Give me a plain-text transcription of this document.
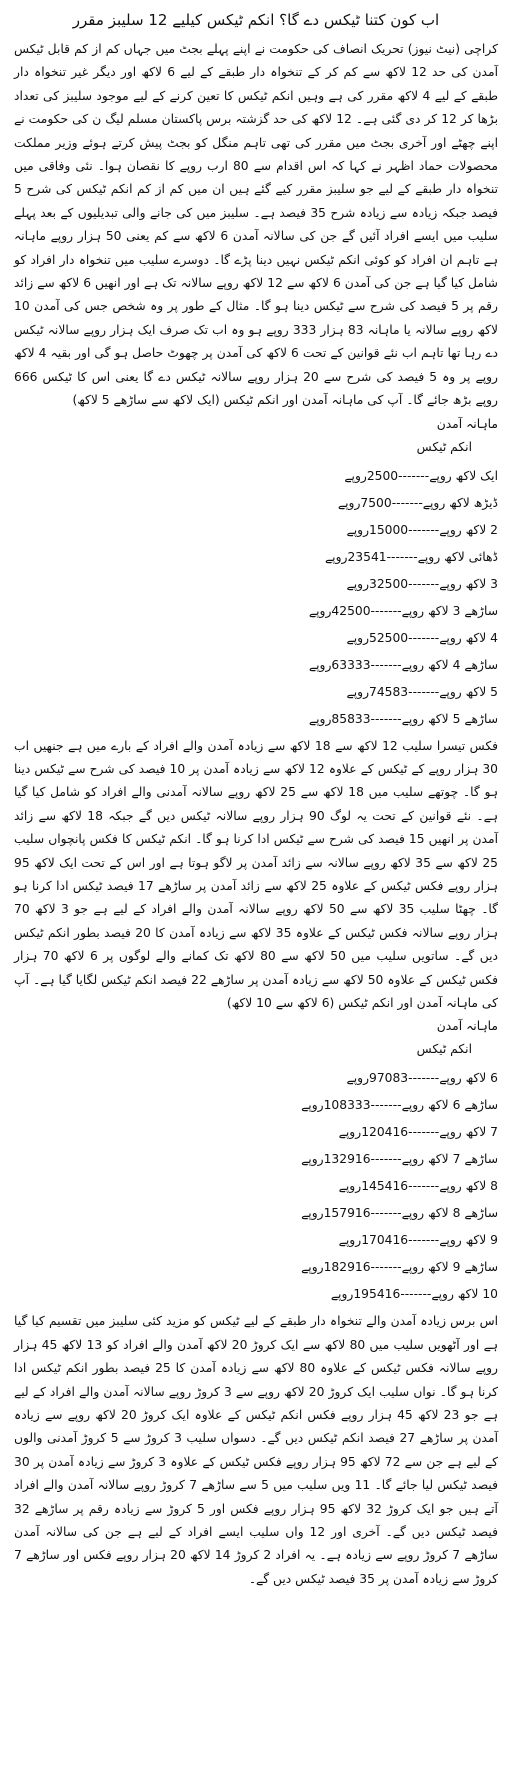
اب کون کتنا ٹیکس دے گا؟ انکم ٹیکس کیلیے 12 سلیبز مقرر

کراچی (نیٹ نیوز) تحریک انصاف کی حکومت نے اپنے پہلے بجٹ میں جہاں کم از کم قابل ٹیکس آمدن کی حد 12 لاکھ سے کم کر کے تنخواہ دار طبقے کے لیے 6 لاکھ اور دیگر غیر تنخواہ دار طبقے کے لیے 4 لاکھ مقرر کی ہے وہیں انکم ٹیکس کا تعین کرنے کے لیے موجود سلیبز کی تعداد بڑھا کر 12 کر دی گئی ہے۔ 12 لاکھ کی حد گزشتہ برس پاکستان مسلم لیگ ن کی حکومت نے اپنے چھٹے اور آخری بجٹ میں مقرر کی تھی تاہم منگل کو بجٹ پیش کرتے ہوئے وزیر مملکت محصولات حماد اظہر نے کہا کہ اس اقدام سے 80 ارب روپے کا نقصان ہوا۔ نئی وفاقی میں تنخواہ دار طبقے کے لیے جو سلیبز مقرر کیے گئے ہیں ان میں کم از کم انکم ٹیکس کی شرح 5 فیصد جبکہ زیادہ سے زیادہ شرح 35 فیصد ہے۔ سلیبز میں کی جانے والی تبدیلیوں کے بعد پہلے سلیب میں ایسے افراد آئیں گے جن کی سالانہ آمدن 6 لاکھ سے کم یعنی 50 ہزار روپے ماہانہ ہے تاہم ان افراد کو کوئی انکم ٹیکس نہیں دینا پڑے گا۔ دوسرے سلیب میں تنخواہ دار افراد کو شامل کیا گیا ہے جن کی آمدن 6 لاکھ سے 12 لاکھ روپے سالانہ تک ہے اور انھیں 6 لاکھ سے زائد رقم پر 5 فیصد کی شرح سے ٹیکس دینا ہو گا۔ مثال کے طور پر وہ شخص جس کی آمدن 10 لاکھ روپے سالانہ یا ماہانہ 83 ہزار 333 روپے ہو وہ اب تک صرف ایک ہزار روپے سالانہ ٹیکس دے رہا تھا تاہم اب نئے قوانین کے تحت 6 لاکھ کی آمدن پر چھوٹ حاصل ہو گی اور بقیہ 4 لاکھ روپے پر وہ 5 فیصد کی شرح سے 20 ہزار روپے سالانہ ٹیکس دے گا یعنی اس کا ٹیکس 666 روپے بڑھ جائے گا۔ آپ کی ماہانہ آمدن اور انکم ٹیکس (ایک لاکھ سے ساڑھے 5 لاکھ)

ماہانہ آمدن
انکم ٹیکس
ایک لاکھ روپے-------2500روپے
ڈیڑھ لاکھ روپے-------7500روپے
2 لاکھ روپے-------15000روپے
ڈھائی لاکھ روپے-------23541روپے
3 لاکھ روپے-------32500روپے
ساڑھے 3 لاکھ روپے-------42500روپے
4 لاکھ روپے-------52500روپے
ساڑھے 4 لاکھ روپے-------63333روپے
5 لاکھ روپے-------74583روپے
ساڑھے 5 لاکھ روپے-------85833روپے

فکس تیسرا سلیب 12 لاکھ سے 18 لاکھ سے زیادہ آمدن والے افراد کے بارے میں ہے جنھیں اب 30 ہزار روپے کے ٹیکس کے علاوہ 12 لاکھ سے زیادہ آمدن پر 10 فیصد کی شرح سے ٹیکس دینا ہو گا۔ چوتھے سلیب میں 18 لاکھ سے 25 لاکھ روپے سالانہ آمدنی والے افراد کو شامل کیا گیا ہے۔ نئے قوانین کے تحت یہ لوگ 90 ہزار روپے سالانہ ٹیکس دیں گے جبکہ 18 لاکھ سے زائد آمدن پر انھیں 15 فیصد کی شرح سے ٹیکس ادا کرنا ہو گا۔ انکم ٹیکس کا فکس پانچواں سلیب 25 لاکھ سے 35 لاکھ روپے سالانہ سے زائد آمدن پر لاگو ہوتا ہے اور اس کے تحت ایک لاکھ 95 ہزار روپے فکس ٹیکس کے علاوہ 25 لاکھ سے زائد آمدن پر ساڑھے 17 فیصد ٹیکس ادا کرنا ہو گا۔ چھٹا سلیب 35 لاکھ سے 50 لاکھ روپے سالانہ آمدن والے افراد کے لیے ہے جو 3 لاکھ 70 ہزار روپے سالانہ فکس ٹیکس کے علاوہ 35 لاکھ سے زیادہ آمدن کا 20 فیصد بطور انکم ٹیکس دیں گے۔ ساتویں سلیب میں 50 لاکھ سے 80 لاکھ تک کمانے والے لوگوں پر 6 لاکھ 70 ہزار فکس ٹیکس کے علاوہ 50 لاکھ سے زیادہ آمدن پر ساڑھے 22 فیصد انکم ٹیکس لگایا گیا ہے۔ آپ کی ماہانہ آمدن اور انکم ٹیکس (6 لاکھ سے 10 لاکھ)

ماہانہ آمدن
انکم ٹیکس
6 لاکھ روپے-------97083روپے
ساڑھے 6 لاکھ روپے-------108333روپے
7 لاکھ روپے-------120416روپے
ساڑھے 7 لاکھ روپے-------132916روپے
8 لاکھ روپے-------145416روپے
ساڑھے 8 لاکھ روپے-------157916روپے
9 لاکھ روپے-------170416روپے
ساڑھے 9 لاکھ روپے-------182916روپے
10 لاکھ روپے-------195416روپے

اس برس زیادہ آمدن والے تنخواہ دار طبقے کے لیے ٹیکس کو مزید کئی سلیبز میں تقسیم کیا گیا ہے اور آٹھویں سلیب میں 80 لاکھ سے ایک کروڑ 20 لاکھ آمدن والے افراد کو 13 لاکھ 45 ہزار روپے سالانہ فکس ٹیکس کے علاوہ 80 لاکھ سے زیادہ آمدن کا 25 فیصد بطور انکم ٹیکس ادا کرنا ہو گا۔ نواں سلیب ایک کروڑ 20 لاکھ روپے سے 3 کروڑ روپے سالانہ آمدن والے افراد کے لیے ہے جو 23 لاکھ 45 ہزار روپے فکس انکم ٹیکس کے علاوہ ایک کروڑ 20 لاکھ روپے سے زیادہ آمدن پر ساڑھے 27 فیصد انکم ٹیکس دیں گے۔ دسواں سلیب 3 کروڑ سے 5 کروڑ آمدنی والوں کے لیے ہے جن سے 72 لاکھ 95 ہزار روپے فکس ٹیکس کے علاوہ 3 کروڑ سے زیادہ آمدن پر 30 فیصد ٹیکس لیا جائے گا۔ 11 ویں سلیب میں 5 سے ساڑھے 7 کروڑ روپے سالانہ آمدن والے افراد آتے ہیں جو ایک کروڑ 32 لاکھ 95 ہزار روپے فکس اور 5 کروڑ سے زیادہ رقم پر ساڑھے 32 فیصد ٹیکس دیں گے۔ آخری اور 12 واں سلیب ایسے افراد کے لیے ہے جن کی سالانہ آمدن ساڑھے 7 کروڑ روپے سے زیادہ ہے۔ یہ افراد 2 کروڑ 14 لاکھ 20 ہزار روپے فکس اور ساڑھے 7 کروڑ سے زیادہ آمدن پر 35 فیصد ٹیکس دیں گے۔
